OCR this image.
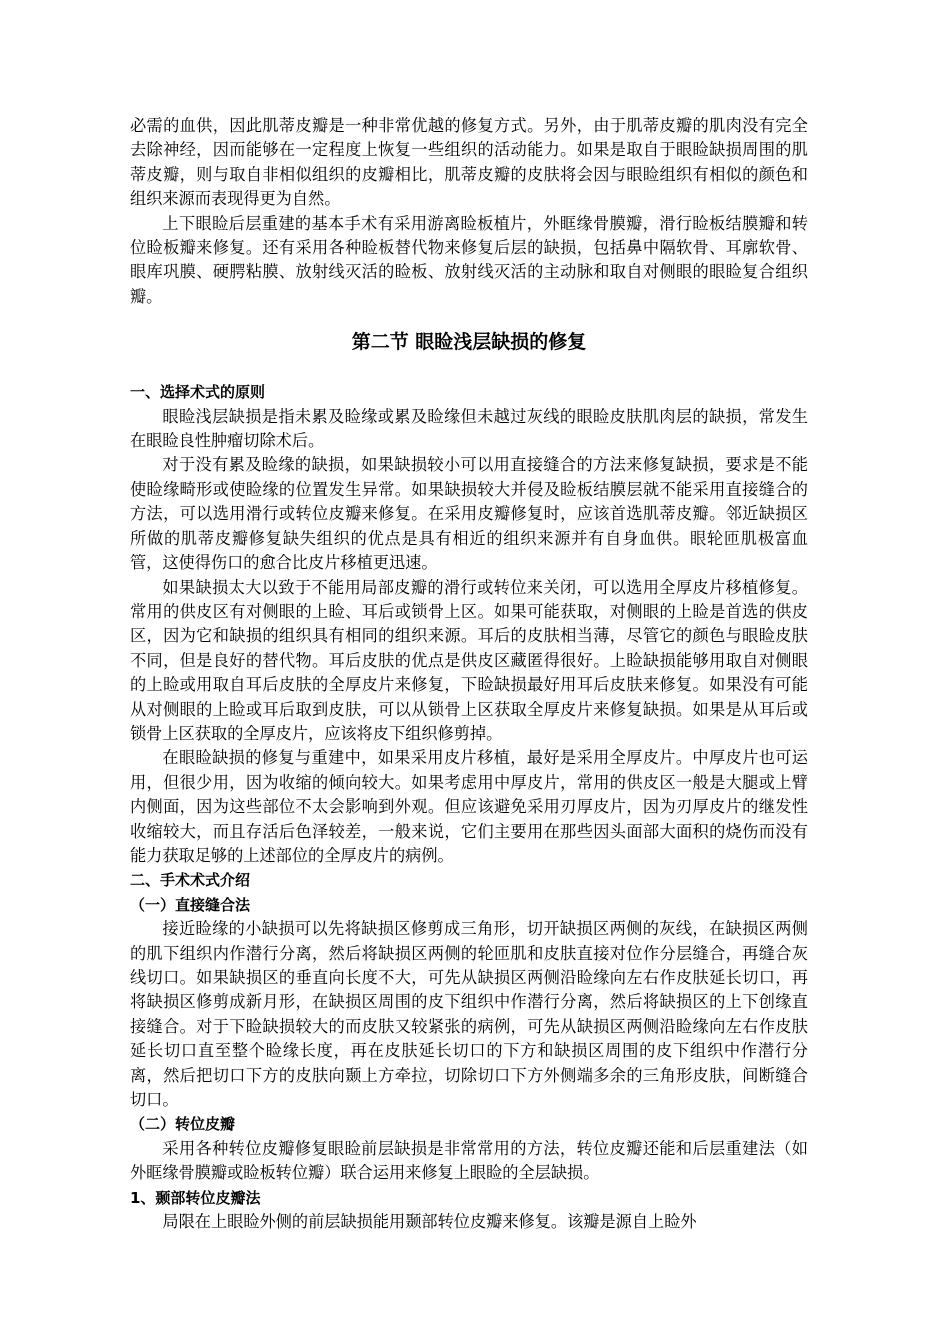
必需的血供，因此肌蒂皮瓣是一种非常优越的修复方式。另外，由于肌蒂皮瓣的肌肉没有完全去除神经，因而能够在一定程度上恢复一些组织的活动能力。如果是取自于眼睑缺损周围的肌蒂皮瓣，则与取自非相似组织的皮瓣相比，肌蒂皮瓣的皮肤将会因与眼睑组织有相似的颜色和组织来源而表现得更为自然。

上下眼睑后层重建的基本手术有采用游离睑板植片，外眶缘骨膜瓣，滑行睑板结膜瓣和转位睑板瓣来修复。还有采用各种睑板替代物来修复后层的缺损，包括鼻中隔软骨、耳廓软骨、眼库巩膜、硬腭粘膜、放射线灭活的睑板、放射线灭活的主动脉和取自对侧眼的眼睑复合组织瓣。

第二节 眼睑浅层缺损的修复

一、选择术式的原则

眼睑浅层缺损是指未累及睑缘或累及睑缘但未越过灰线的眼睑皮肤肌肉层的缺损，常发生在眼睑良性肿瘤切除术后。

对于没有累及睑缘的缺损，如果缺损较小可以用直接缝合的方法来修复缺损，要求是不能使睑缘畸形或使睑缘的位置发生异常。如果缺损较大并侵及睑板结膜层就不能采用直接缝合的方法，可以选用滑行或转位皮瓣来修复。在采用皮瓣修复时，应该首选肌蒂皮瓣。邻近缺损区所做的肌蒂皮瓣修复缺失组织的优点是具有相近的组织来源并有自身血供。眼轮匝肌极富血管，这使得伤口的愈合比皮片移植更迅速。

如果缺损太大以致于不能用局部皮瓣的滑行或转位来关闭，可以选用全厚皮片移植修复。常用的供皮区有对侧眼的上睑、耳后或锁骨上区。如果可能获取，对侧眼的上睑是首选的供皮区，因为它和缺损的组织具有相同的组织来源。耳后的皮肤相当薄，尽管它的颜色与眼睑皮肤不同，但是良好的替代物。耳后皮肤的优点是供皮区藏匿得很好。上睑缺损能够用取自对侧眼的上睑或用取自耳后皮肤的全厚皮片来修复，下睑缺损最好用耳后皮肤来修复。如果没有可能从对侧眼的上睑或耳后取到皮肤，可以从锁骨上区获取全厚皮片来修复缺损。如果是从耳后或锁骨上区获取的全厚皮片，应该将皮下组织修剪掉。

在眼睑缺损的修复与重建中，如果采用皮片移植，最好是采用全厚皮片。中厚皮片也可运用，但很少用，因为收缩的倾向较大。如果考虑用中厚皮片，常用的供皮区一般是大腿或上臂内侧面，因为这些部位不太会影响到外观。但应该避免采用刃厚皮片，因为刃厚皮片的继发性收缩较大，而且存活后色泽较差，一般来说，它们主要用在那些因头面部大面积的烧伤而没有能力获取足够的上述部位的全厚皮片的病例。

二、手术术式介绍

（一）直接缝合法

接近睑缘的小缺损可以先将缺损区修剪成三角形，切开缺损区两侧的灰线，在缺损区两侧的肌下组织内作潜行分离，然后将缺损区两侧的轮匝肌和皮肤直接对位作分层缝合，再缝合灰线切口。如果缺损区的垂直向长度不大，可先从缺损区两侧沿睑缘向左右作皮肤延长切口，再将缺损区修剪成新月形，在缺损区周围的皮下组织中作潜行分离，然后将缺损区的上下创缘直接缝合。对于下睑缺损较大的而皮肤又较紧张的病例，可先从缺损区两侧沿睑缘向左右作皮肤延长切口直至整个睑缘长度，再在皮肤延长切口的下方和缺损区周围的皮下组织中作潜行分离，然后把切口下方的皮肤向颞上方牵拉，切除切口下方外侧端多余的三角形皮肤，间断缝合切口。

（二）转位皮瓣

采用各种转位皮瓣修复眼睑前层缺损是非常常用的方法，转位皮瓣还能和后层重建法（如外眶缘骨膜瓣或睑板转位瓣）联合运用来修复上眼睑的全层缺损。

1、颞部转位皮瓣法

局限在上眼睑外侧的前层缺损能用颞部转位皮瓣来修复。该瓣是源自上睑外
